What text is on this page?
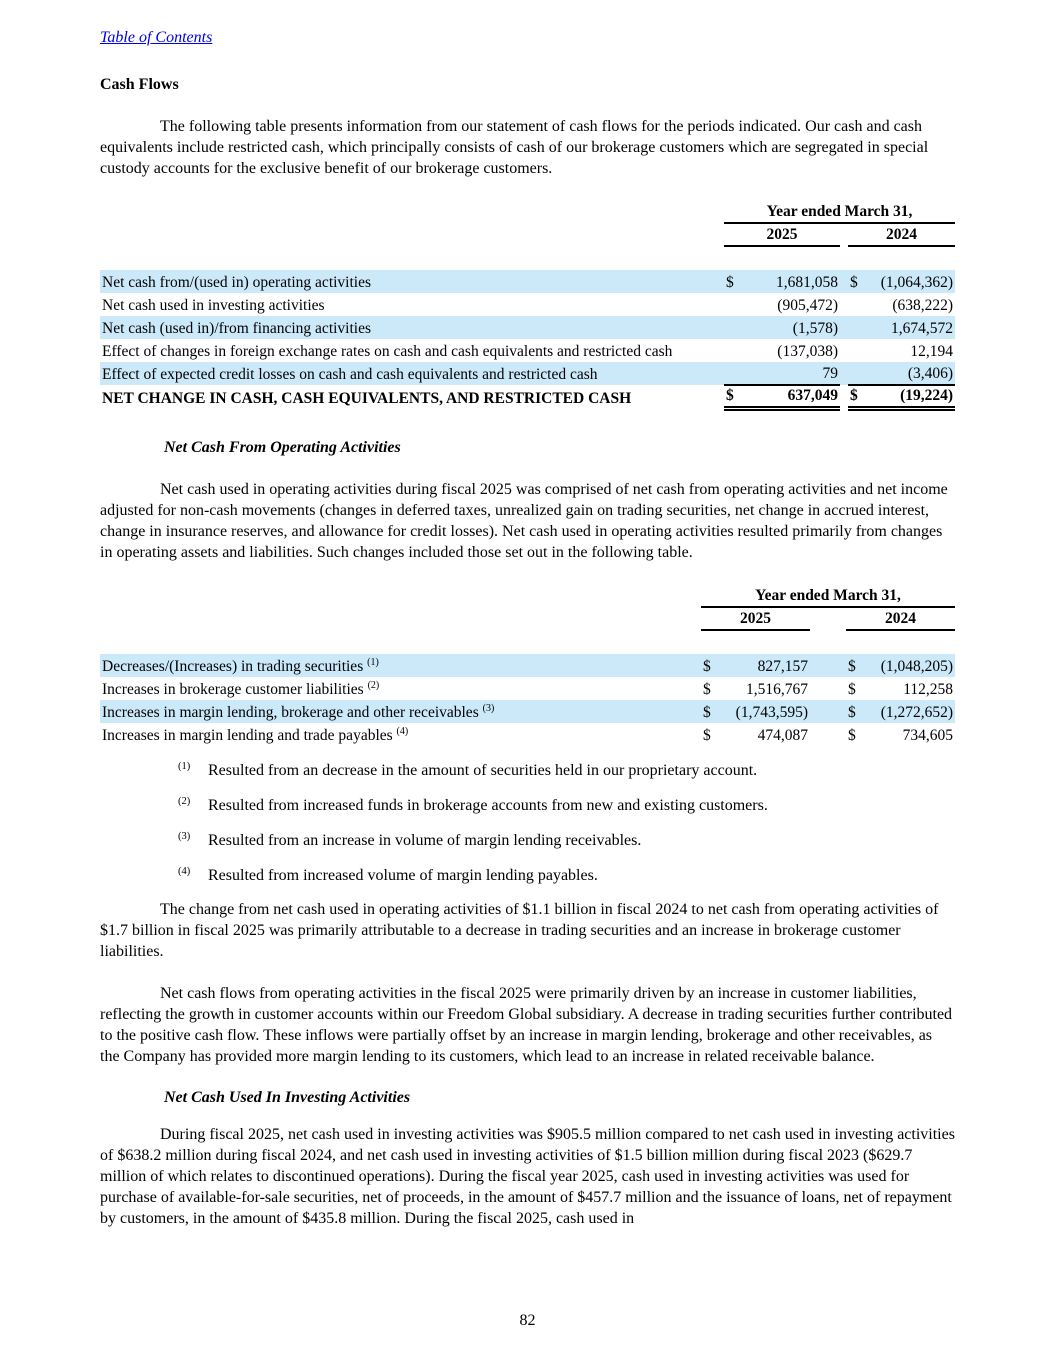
Table of Contents
Cash Flows

The following table presents information from our statement of cash flows for the periods indicated. Our cash and cash equivalents include restricted cash, which principally consists of cash of our brokerage customers which are segregated in special custody accounts for the exclusive benefit of our brokerage customers.

	Year ended March 31,				
	2025			2024	

Net cash from/(used in) operating activities	$	1,681,058		$	(1,064,362)
Net cash used in investing activities		(905,472)			(638,222)
Net cash (used in)/from financing activities		(1,578)			1,674,572
Effect of changes in foreign exchange rates on cash and cash equivalents and restricted cash		(137,038)			12,194
Effect of expected credit losses on cash and cash equivalents and restricted cash		79			(3,406)
NET CHANGE IN CASH, CASH EQUIVALENTS, AND RESTRICTED CASH	$	637,049		$	(19,224)
Net Cash From Operating Activities

Net cash used in operating activities during fiscal 2025 was comprised of net cash from operating activities and net income adjusted for non-cash movements (changes in deferred taxes, unrealized gain on trading securities, net change in accrued interest, change in insurance reserves, and allowance for credit losses). Net cash used in operating activities resulted primarily from changes in operating assets and liabilities. Such changes included those set out in the following table.

	Year ended March 31,				
	2025			2024	

Decreases/(Increases) in trading securities $^{(1)}$	$	827,157		$	(1,048,205)
Increases in brokerage customer liabilities $^{(2)}$	$	1,516,767		$	112,258
Increases in margin lending, brokerage and other receivables $^{(3)}$	$	(1,743,595)		$	(1,272,652)
Increases in margin lending and trade payables $^{(4)}$	$	474,087		$	734,605
(1) Resulted from an decrease in the amount of securities held in our proprietary account.
(2) Resulted from increased funds in brokerage accounts from new and existing customers.
(3) Resulted from an increase in volume of margin lending receivables.
(4) Resulted from increased volume of margin lending payables.

The change from net cash used in operating activities of $1.1 billion in fiscal 2024 to net cash from operating activities of $1.7 billion in fiscal 2025 was primarily attributable to a decrease in trading securities and an increase in brokerage customer liabilities.

Net cash flows from operating activities in the fiscal 2025 were primarily driven by an increase in customer liabilities, reflecting the growth in customer accounts within our Freedom Global subsidiary. A decrease in trading securities further contributed to the positive cash flow. These inflows were partially offset by an increase in margin lending, brokerage and other receivables, as the Company has provided more margin lending to its customers, which lead to an increase in related receivable balance.

Net Cash Used In Investing Activities

During fiscal 2025, net cash used in investing activities was $905.5 million compared to net cash used in investing activities of $638.2 million during fiscal 2024, and net cash used in investing activities of $1.5 billion million during fiscal 2023 ($629.7 million of which relates to discontinued operations). During the fiscal year 2025, cash used in investing activities was used for purchase of available-for-sale securities, net of proceeds, in the amount of $457.7 million and the issuance of loans, net of repayment by customers, in the amount of $435.8 million. During the fiscal 2025, cash used in

82
